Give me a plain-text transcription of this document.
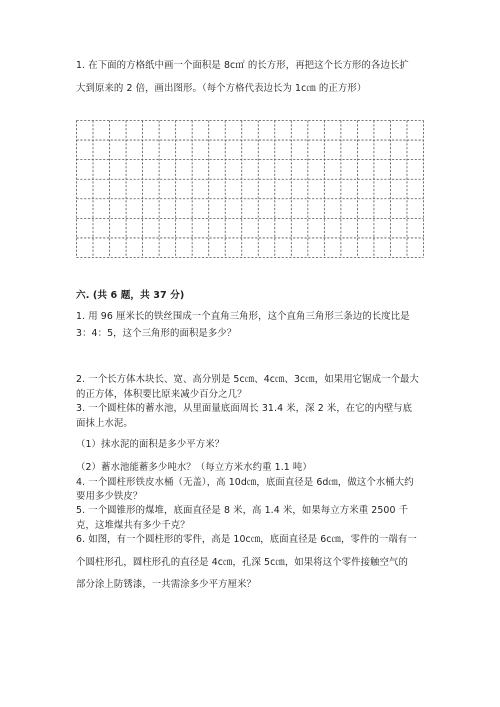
1. 在下面的方格纸中画一个面积是 8c㎡ 的长方形，再把这个长方形的各边长扩
大到原来的 2 倍，画出图形。（每个方格代表边长为 1c㎝ 的正方形）
六. (共 6 题，共 37 分)
1. 用 96 厘米长的铁丝围成一个直角三角形，这个直角三角形三条边的长度比是
3：4：5，这个三角形的面积是多少？
2. 一个长方体木块长、宽、高分别是 5c㎝、4c㎝、3c㎝，如果用它锯成一个最大
的正方体，体积要比原来减少百分之几？
3. 一个圆柱体的蓄水池，从里面量底面周长 31.4 米，深 2 米，在它的内壁与底
面抹上水泥。
（1）抹水泥的面积是多少平方米？
（2）蓄水池能蓄多少吨水？（每立方米水约重 1.1 吨）
4. 一个圆柱形铁皮水桶（无盖），高 10d㎝，底面直径是 6d㎝，做这个水桶大约
要用多少铁皮？
5. 一个圆锥形的煤堆，底面直径是 8 米，高 1.4 米，如果每立方米重 2500 千
克，这堆煤共有多少千克？
6. 如图，有一个圆柱形的零件，高是 10c㎝，底面直径是 6c㎝，零件的一端有一
个圆柱形孔，圆柱形孔的直径是 4c㎝，孔深 5c㎝，如果将这个零件接触空气的
部分涂上防锈漆，一共需涂多少平方厘米？
